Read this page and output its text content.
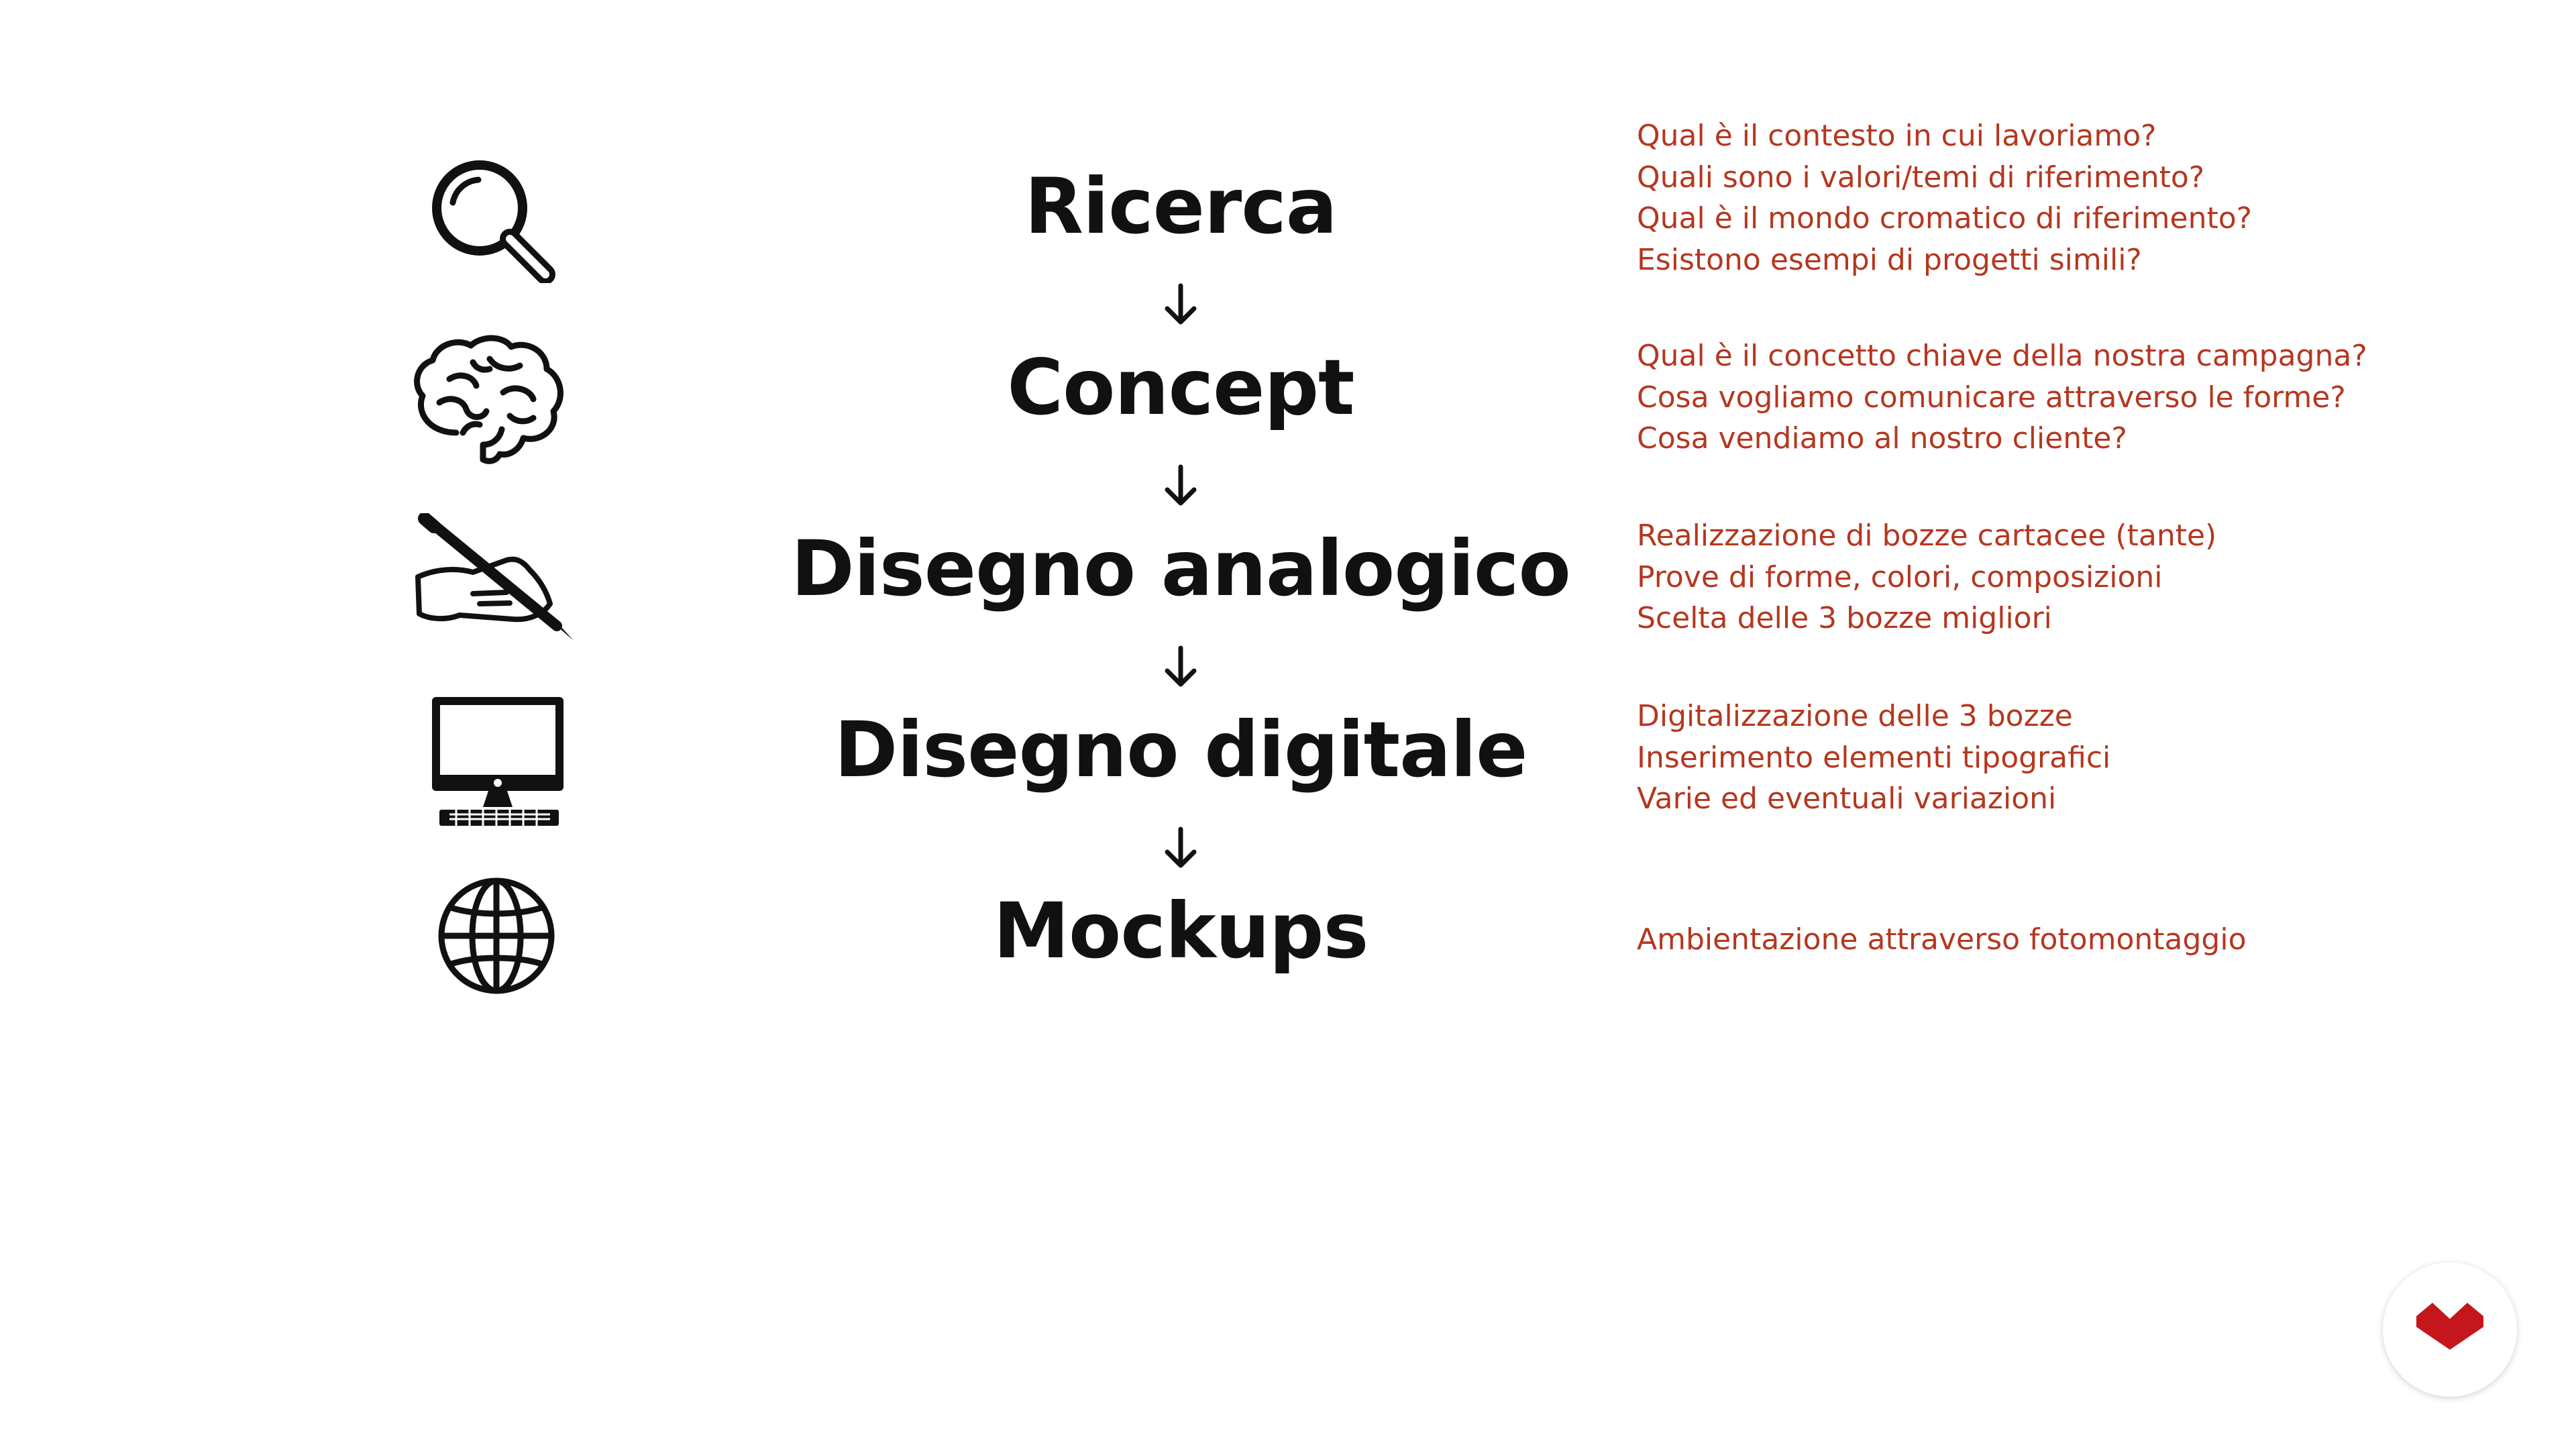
Ricerca
Concept
Disegno analogico
Disegno digitale
Mockups
Qual è il contesto in cui lavoriamo?
Quali sono i valori/temi di riferimento?
Qual è il mondo cromatico di riferimento?
Esistono esempi di progetti simili?
Qual è il concetto chiave della nostra campagna?
Cosa vogliamo comunicare attraverso le forme?
Cosa vendiamo al nostro cliente?
Realizzazione di bozze cartacee (tante)
Prove di forme, colori, composizioni
Scelta delle 3 bozze migliori
Digitalizzazione delle 3 bozze
Inserimento elementi tipografici
Varie ed eventuali variazioni
Ambientazione attraverso fotomontaggio
